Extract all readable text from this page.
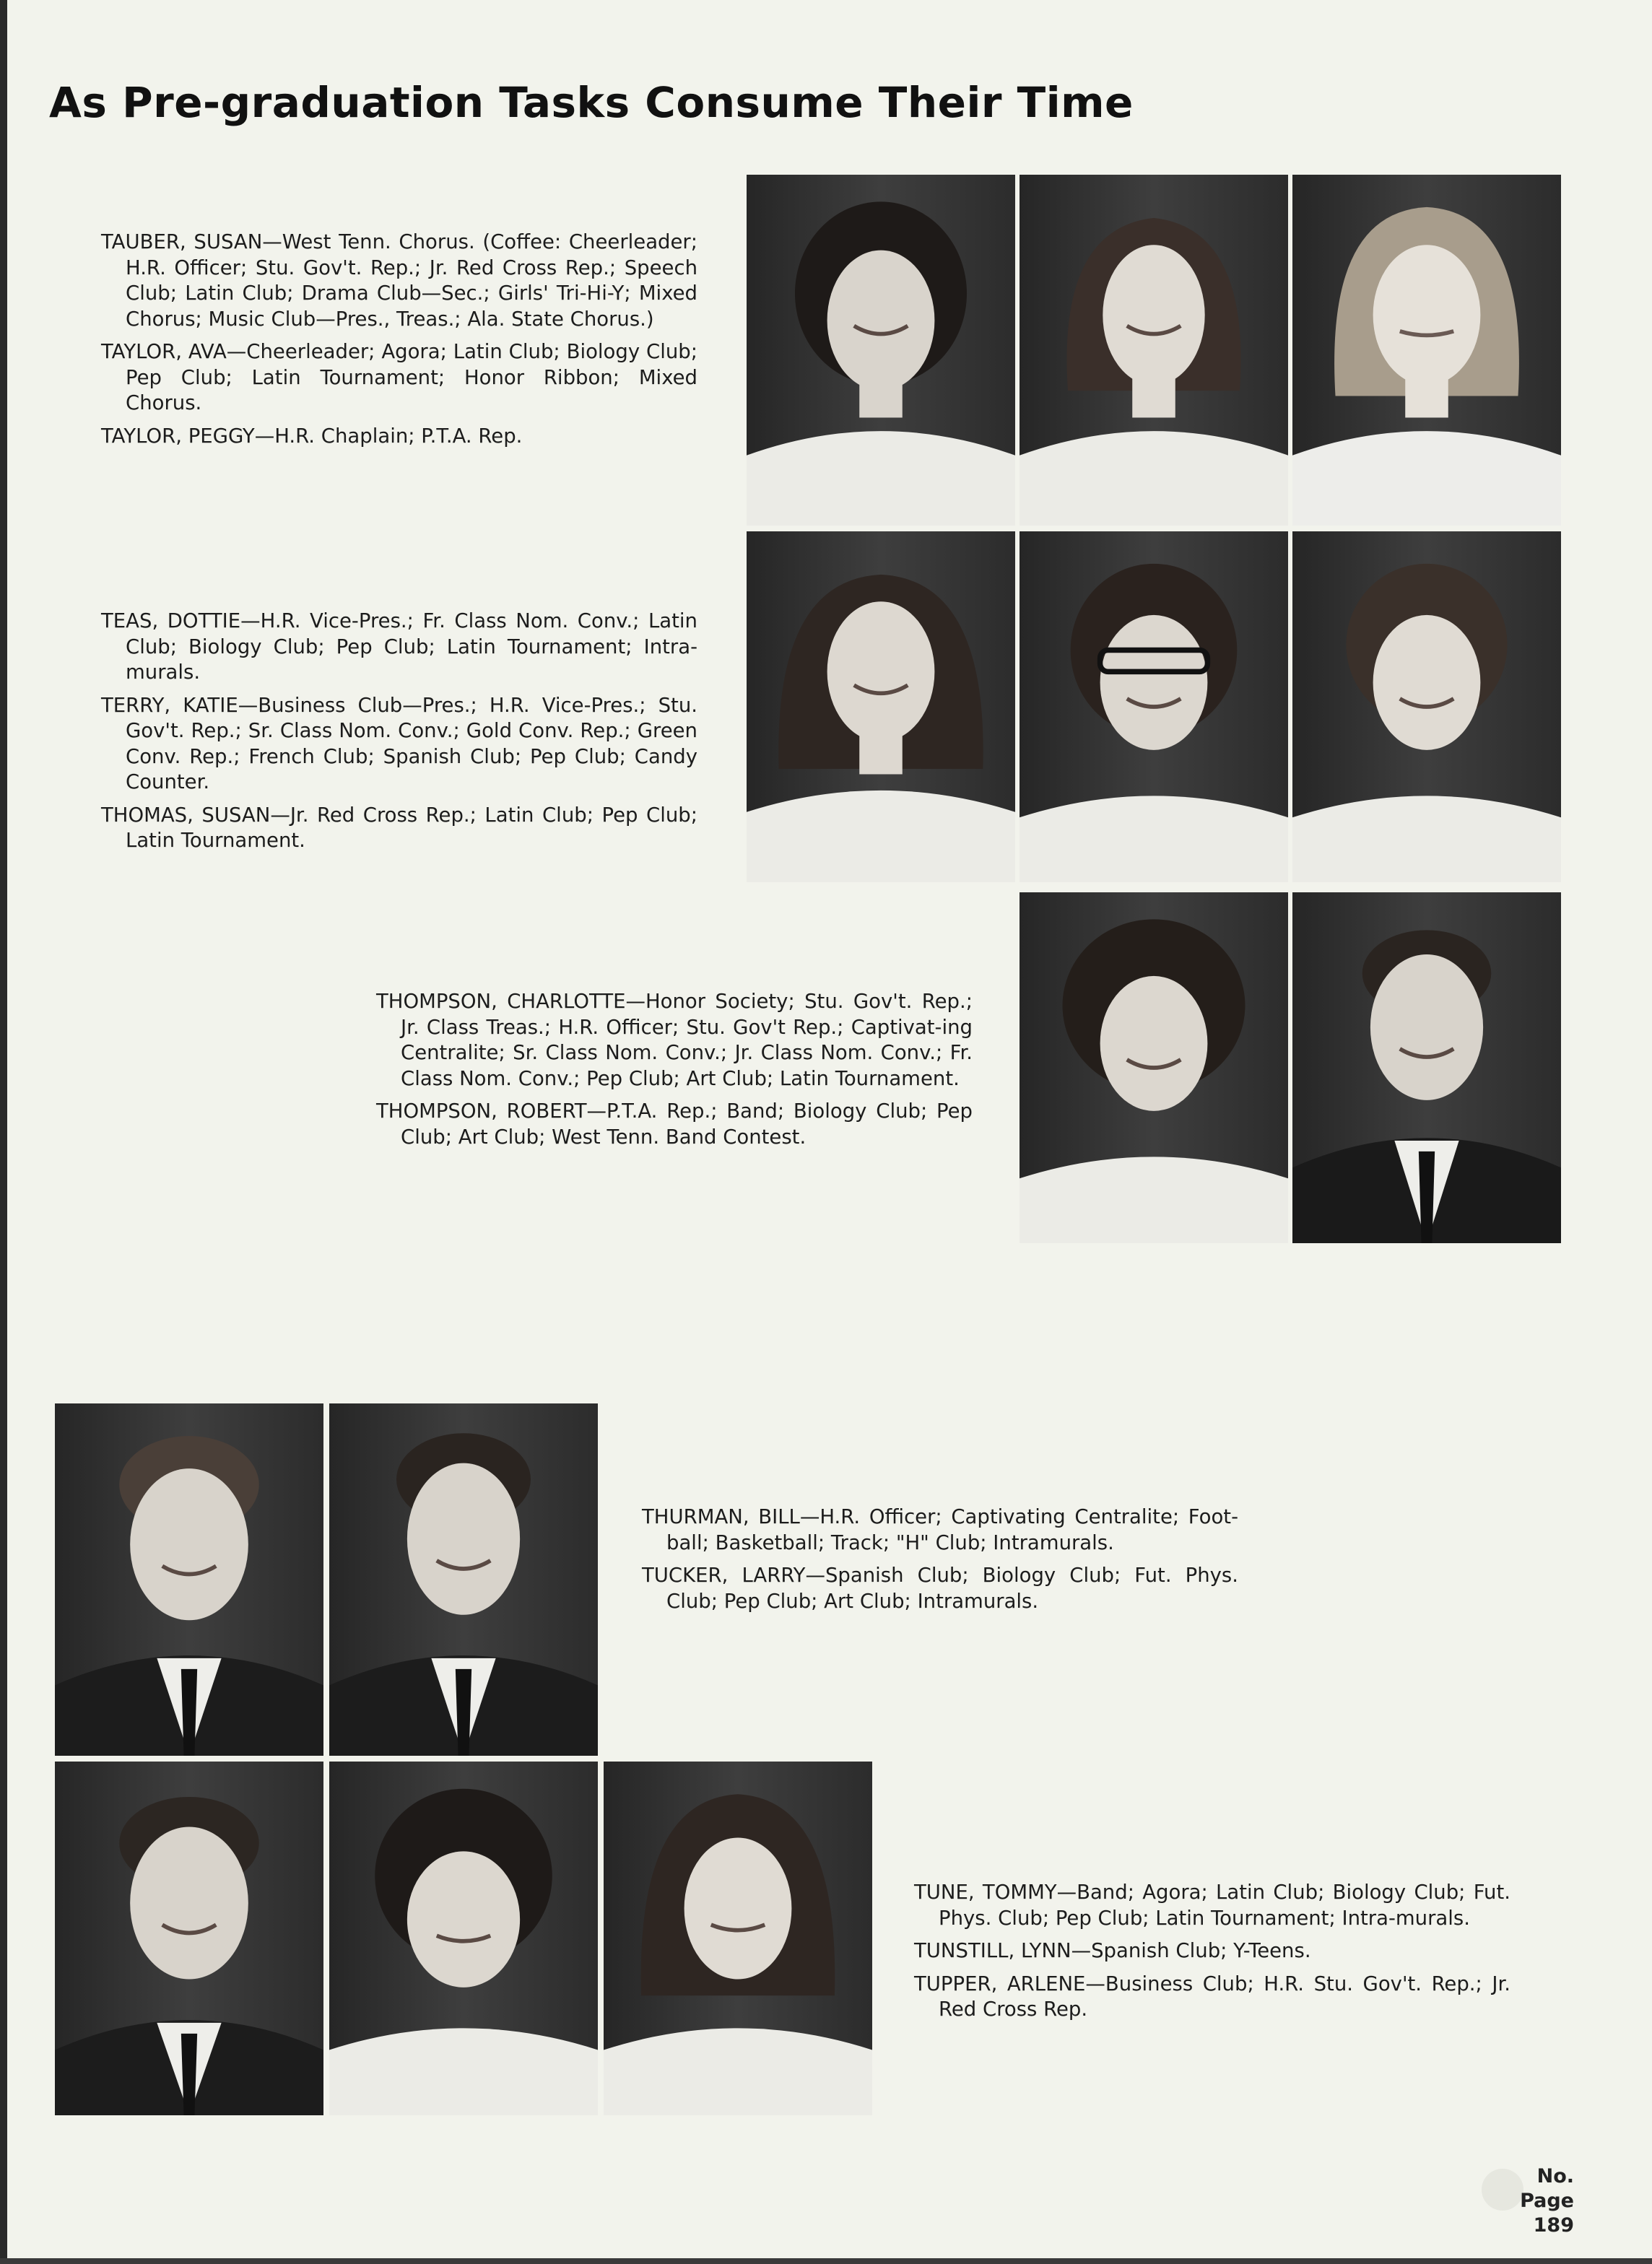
As Pre-graduation Tasks Consume Their Time

TAUBER, SUSAN—West Tenn. Chorus. (Coffee: Cheerleader; H.R. Officer; Stu. Gov't. Rep.; Jr. Red Cross Rep.; Speech Club; Latin Club; Drama Club—Sec.; Girls' Tri-Hi-Y; Mixed Chorus; Music Club—Pres., Treas.; Ala. State Chorus.)

TAYLOR, AVA—Cheerleader; Agora; Latin Club; Biology Club; Pep Club; Latin Tournament; Honor Ribbon; Mixed Chorus.

TAYLOR, PEGGY—H.R. Chaplain; P.T.A. Rep.

TEAS, DOTTIE—H.R. Vice-Pres.; Fr. Class Nom. Conv.; Latin Club; Biology Club; Pep Club; Latin Tournament; Intra-murals.

TERRY, KATIE—Business Club—Pres.; H.R. Vice-Pres.; Stu. Gov't. Rep.; Sr. Class Nom. Conv.; Gold Conv. Rep.; Green Conv. Rep.; French Club; Spanish Club; Pep Club; Candy Counter.

THOMAS, SUSAN—Jr. Red Cross Rep.; Latin Club; Pep Club; Latin Tournament.

THOMPSON, CHARLOTTE—Honor Society; Stu. Gov't. Rep.; Jr. Class Treas.; H.R. Officer; Stu. Gov't Rep.; Captivat-ing Centralite; Sr. Class Nom. Conv.; Jr. Class Nom. Conv.; Fr. Class Nom. Conv.; Pep Club; Art Club; Latin Tournament.

THOMPSON, ROBERT—P.T.A. Rep.; Band; Biology Club; Pep Club; Art Club; West Tenn. Band Contest.

THURMAN, BILL—H.R. Officer; Captivating Centralite; Foot-ball; Basketball; Track; "H" Club; Intramurals.

TUCKER, LARRY—Spanish Club; Biology Club; Fut. Phys. Club; Pep Club; Art Club; Intramurals.

TUNE, TOMMY—Band; Agora; Latin Club; Biology Club; Fut. Phys. Club; Pep Club; Latin Tournament; Intra-murals.

TUNSTILL, LYNN—Spanish Club; Y-Teens.

TUPPER, ARLENE—Business Club; H.R. Stu. Gov't. Rep.; Jr. Red Cross Rep.

No.
Page
189
